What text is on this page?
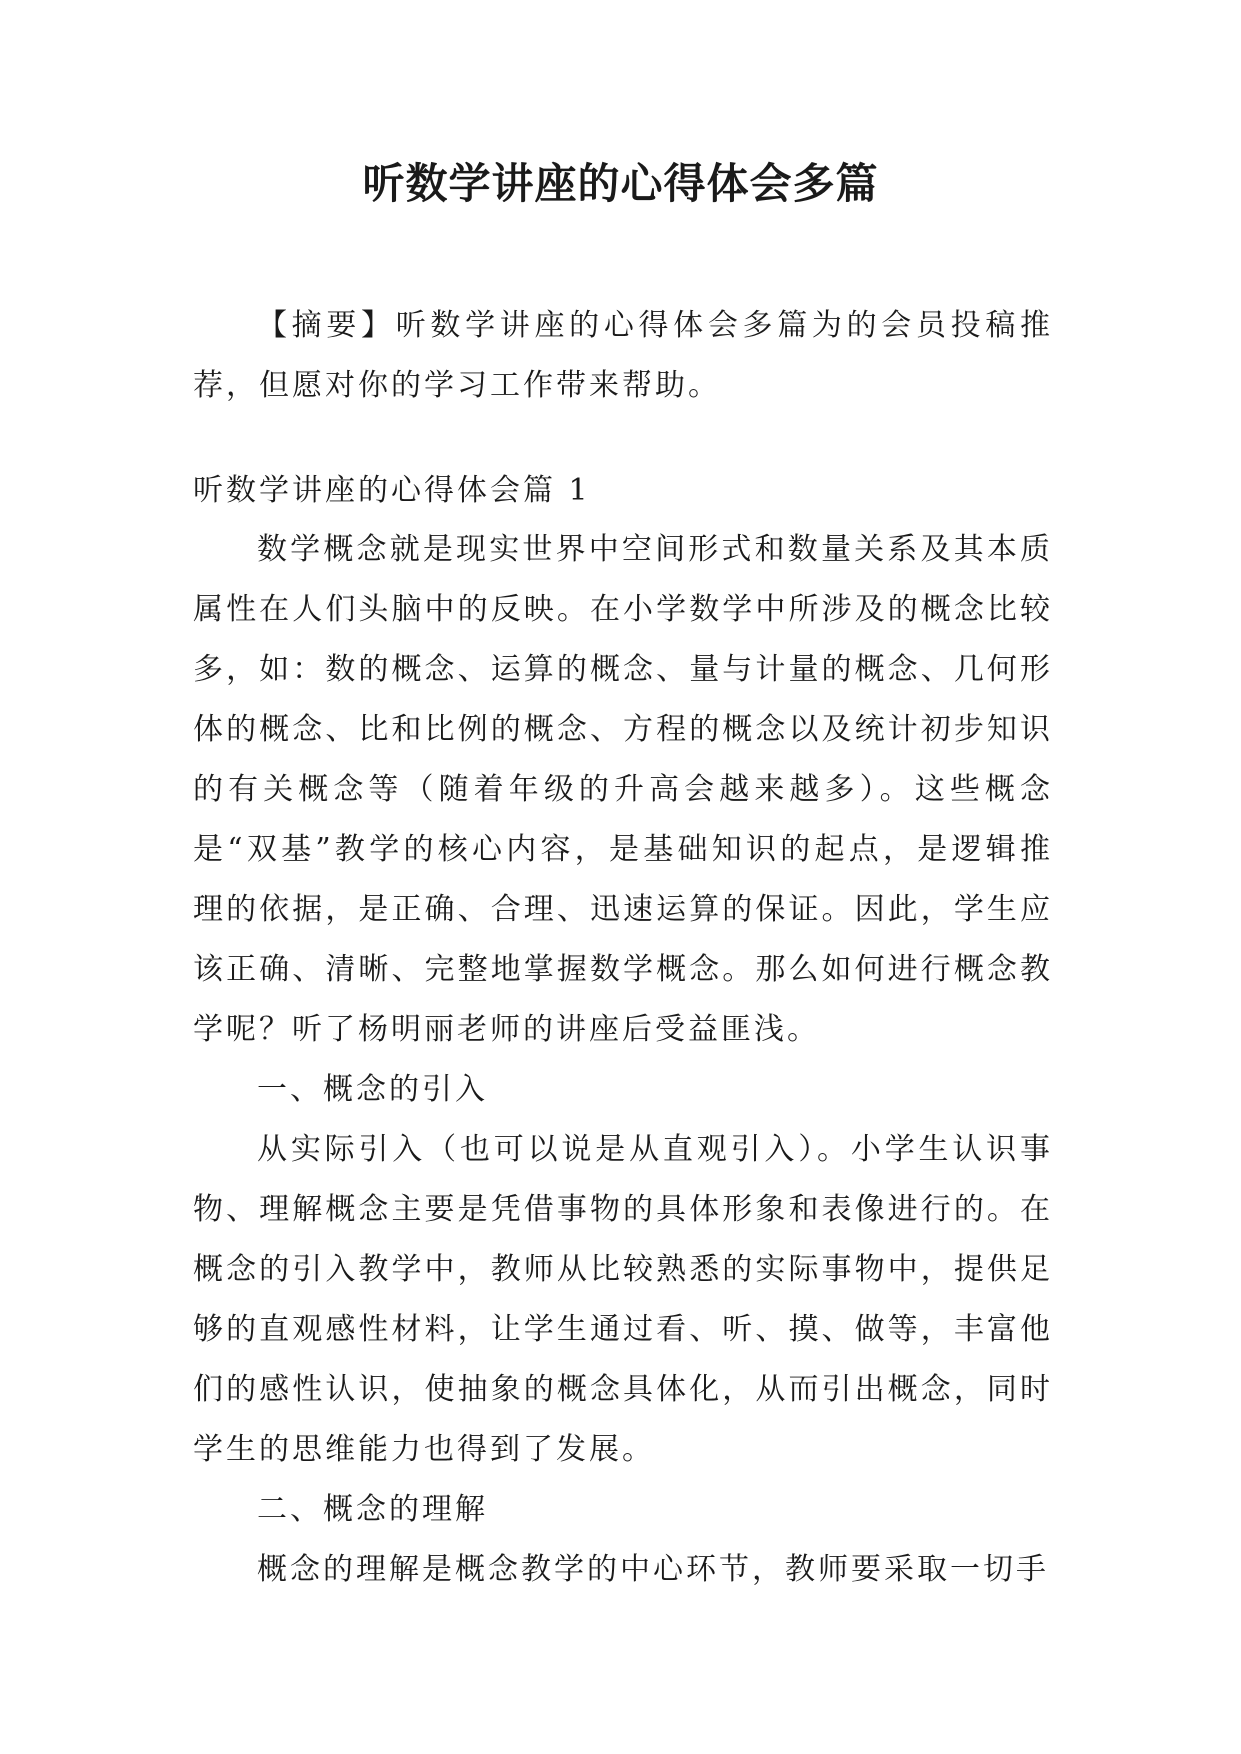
听数学讲座的心得体会多篇

【摘要】听数学讲座的心得体会多篇为的会员投稿推荐，但愿对你的学习工作带来帮助。

听数学讲座的心得体会篇 1

数学概念就是现实世界中空间形式和数量关系及其本质属性在人们头脑中的反映。在小学数学中所涉及的概念比较多，如：数的概念、运算的概念、量与计量的概念、几何形体的概念、比和比例的概念、方程的概念以及统计初步知识的有关概念等（随着年级的升高会越来越多）。这些概念是“双基”教学的核心内容，是基础知识的起点，是逻辑推理的依据，是正确、合理、迅速运算的保证。因此，学生应该正确、清晰、完整地掌握数学概念。那么如何进行概念教学呢？听了杨明丽老师的讲座后受益匪浅。

一、概念的引入

从实际引入（也可以说是从直观引入）。小学生认识事物、理解概念主要是凭借事物的具体形象和表像进行的。在概念的引入教学中，教师从比较熟悉的实际事物中，提供足够的直观感性材料，让学生通过看、听、摸、做等，丰富他们的感性认识，使抽象的概念具体化，从而引出概念，同时学生的思维能力也得到了发展。

二、概念的理解

概念的理解是概念教学的中心环节，教师要采取一切手
